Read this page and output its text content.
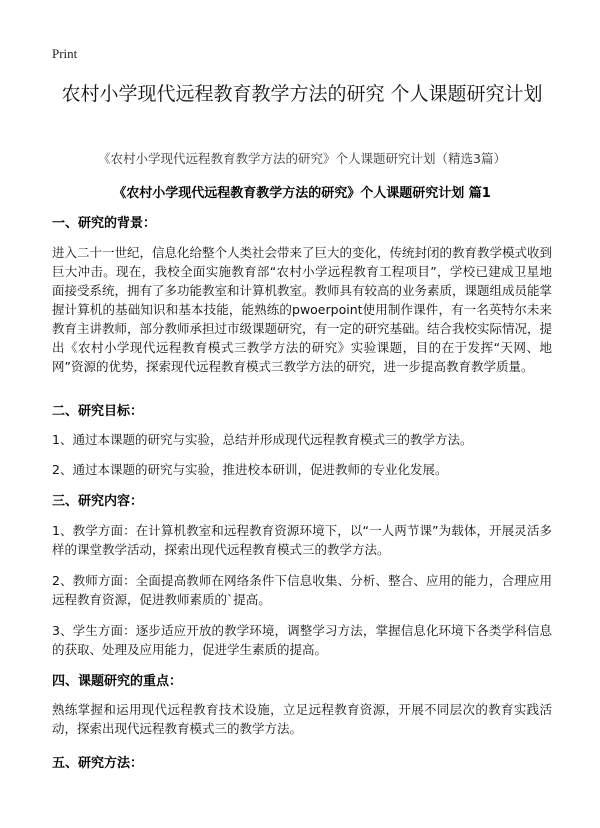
Print
农村小学现代远程教育教学方法的研究 个人课题研究计划
《农村小学现代远程教育教学方法的研究》个人课题研究计划（精选3篇）
《农村小学现代远程教育教学方法的研究》个人课题研究计划 篇1
一、研究的背景：
进入二十一世纪，信息化给整个人类社会带来了巨大的变化，传统封闭的教育教学模式收到巨大冲击。现在，我校全面实施教育部“农村小学远程教育工程项目”，学校已建成卫星地面接受系统，拥有了多功能教室和计算机教室。教师具有较高的业务素质，课题组成员能掌握计算机的基础知识和基本技能，能熟练的pwoerpoint使用制作课件，有一名英特尔未来教育主讲教师，部分教师承担过市级课题研究，有一定的研究基础。结合我校实际情况，提出《农村小学现代远程教育模式三教学方法的研究》实验课题，目的在于发挥“天网、地网”资源的优势，探索现代远程教育模式三教学方法的研究，进一步提高教育教学质量。
二、研究目标：
1、通过本课题的研究与实验，总结并形成现代远程教育模式三的教学方法。
2、通过本课题的研究与实验，推进校本研训，促进教师的专业化发展。
三、研究内容：
1、教学方面：在计算机教室和远程教育资源环境下，以“一人两节课”为载体，开展灵活多样的课堂教学活动，探索出现代远程教育模式三的教学方法。
2、教师方面：全面提高教师在网络条件下信息收集、分析、整合、应用的能力，合理应用远程教育资源，促进教师素质的`提高。
3、学生方面：逐步适应开放的教学环境，调整学习方法，掌握信息化环境下各类学科信息的获取、处理及应用能力，促进学生素质的提高。
四、课题研究的重点：
熟练掌握和运用现代远程教育技术设施，立足远程教育资源，开展不同层次的教育实践活动，探索出现代远程教育模式三的教学方法。
五、研究方法：
